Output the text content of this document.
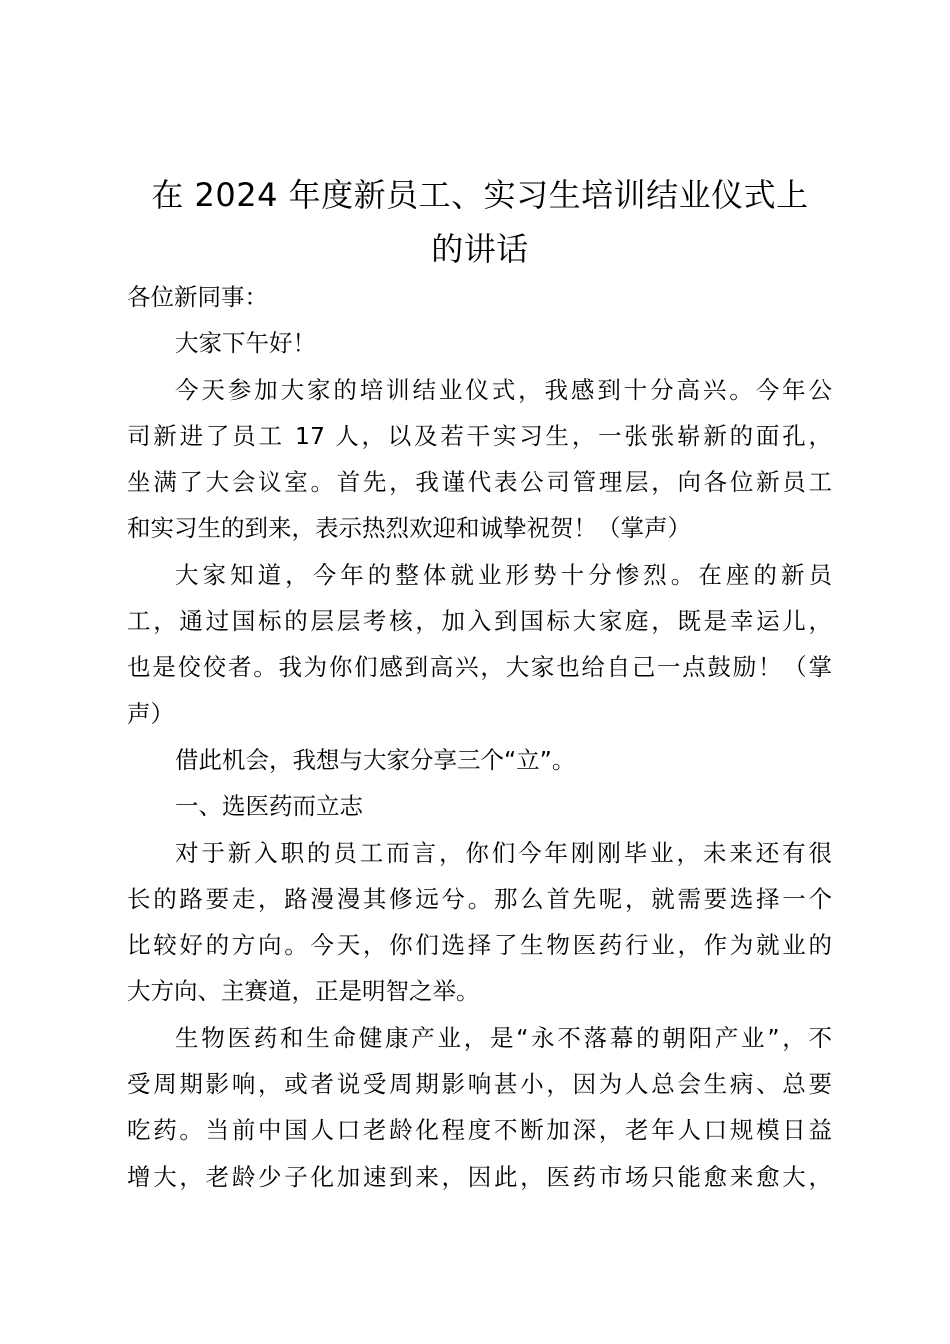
在 2024 年度新员工、实习生培训结业仪式上
的讲话
各位新同事：
大家下午好！
今天参加大家的培训结业仪式，我感到十分高兴。今年公
司新进了员工 17 人，以及若干实习生，一张张崭新的面孔，
坐满了大会议室。首先，我谨代表公司管理层，向各位新员工
和实习生的到来，表示热烈欢迎和诚挚祝贺！（掌声）
大家知道，今年的整体就业形势十分惨烈。在座的新员
工，通过国标的层层考核，加入到国标大家庭，既是幸运儿，
也是佼佼者。我为你们感到高兴，大家也给自己一点鼓励！（掌
声）
借此机会，我想与大家分享三个“立”。
一、选医药而立志
对于新入职的员工而言，你们今年刚刚毕业，未来还有很
长的路要走，路漫漫其修远兮。那么首先呢，就需要选择一个
比较好的方向。今天，你们选择了生物医药行业，作为就业的
大方向、主赛道，正是明智之举。
生物医药和生命健康产业，是“永不落幕的朝阳产业”，不
受周期影响，或者说受周期影响甚小，因为人总会生病、总要
吃药。当前中国人口老龄化程度不断加深，老年人口规模日益
增大，老龄少子化加速到来，因此，医药市场只能愈来愈大，
